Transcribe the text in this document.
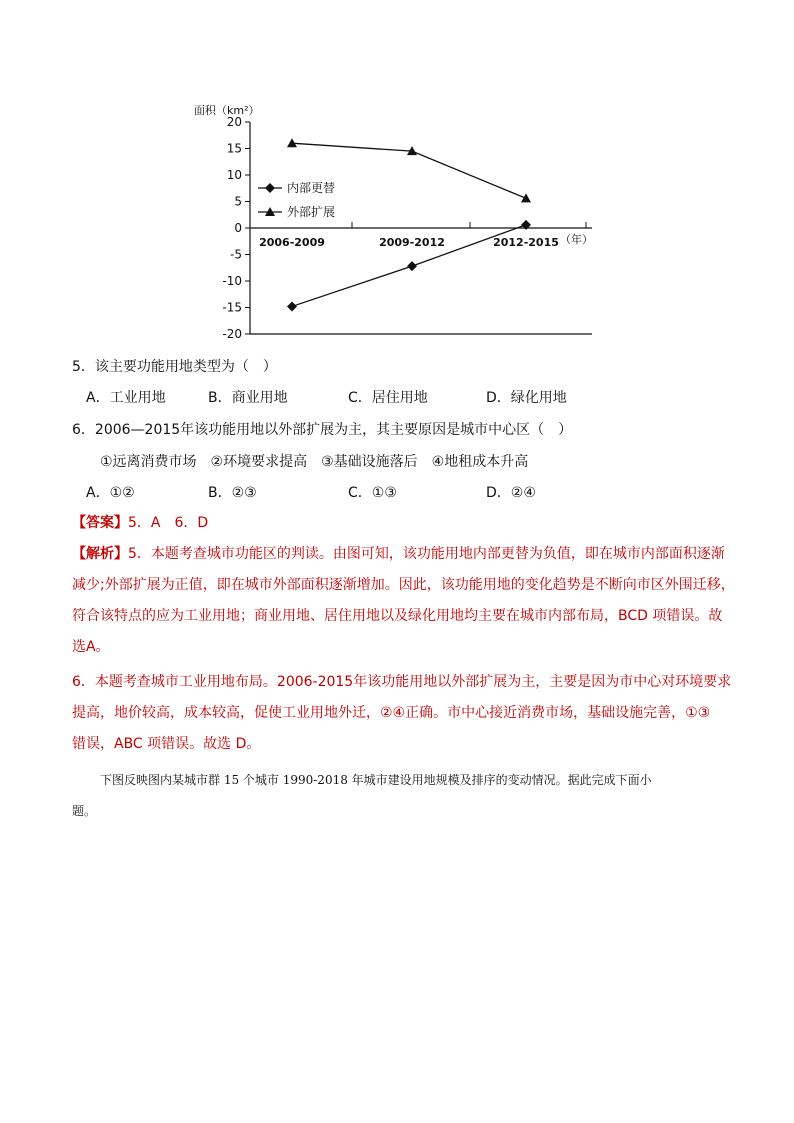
20
15
10
5
0
-5
-10
-15
-20
2006-2009	2009-2012	2012-2015 （年）
面积（km²）
内部更替
外部扩展
5．该主要功能用地类型为（　）
A．工业用地	B．商业用地	C．居住用地	D．绿化用地
6．2006—2015年该功能用地以外部扩展为主，其主要原因是城市中心区（　）
①远离消费市场　②环境要求提高　③基础设施落后　④地租成本升高
A．①②	B．②③	C．①③	D．②④
【答案】5．A　6．D
【解析】5．本题考查城市功能区的判读。由图可知，该功能用地内部更替为负值，即在城市内部面积逐渐
减少;外部扩展为正值，即在城市外部面积逐渐增加。因此，该功能用地的变化趋势是不断向市区外围迁移，
符合该特点的应为工业用地；商业用地、居住用地以及绿化用地均主要在城市内部布局，BCD 项错误。故
选A。
6．本题考查城市工业用地布局。2006-2015年该功能用地以外部扩展为主，主要是因为市中心对环境要求
提高，地价较高，成本较高，促使工业用地外迁，②④正确。市中心接近消费市场，基础设施完善，①③
错误，ABC 项错误。故选 D。
下图反映图内某城市群 15 个城市 1990-2018 年城市建设用地规模及排序的变动情况。据此完成下面小
题。
